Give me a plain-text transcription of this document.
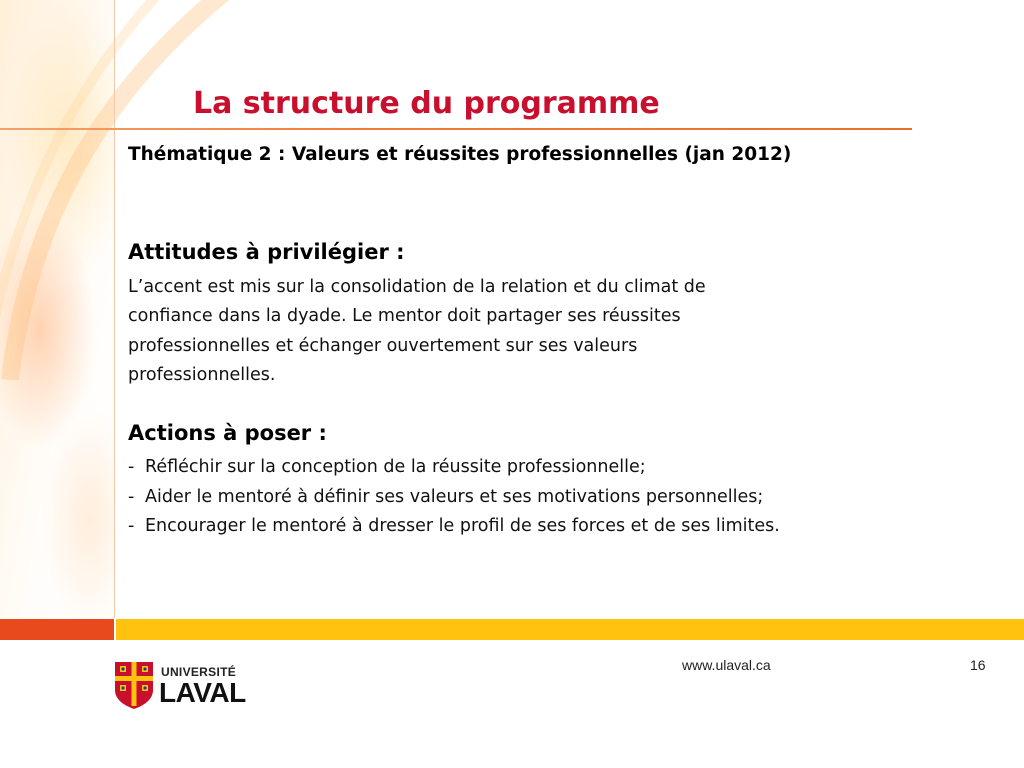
La structure du programme
Thématique 2 : Valeurs et réussites professionnelles (jan 2012)
Attitudes à privilégier :
L’accent est mis sur la consolidation de la relation et du climat de
confiance dans la dyade. Le mentor doit partager ses réussites
professionnelles et échanger ouvertement sur ses valeurs
professionnelles.
Actions à poser :
- Réfléchir sur la conception de la réussite professionnelle;
- Aider le mentoré à définir ses valeurs et ses motivations personnelles;
- Encourager le mentoré à dresser le profil de ses forces et de ses limites.
UNIVERSITÉ
LAVAL
www.ulaval.ca	16
